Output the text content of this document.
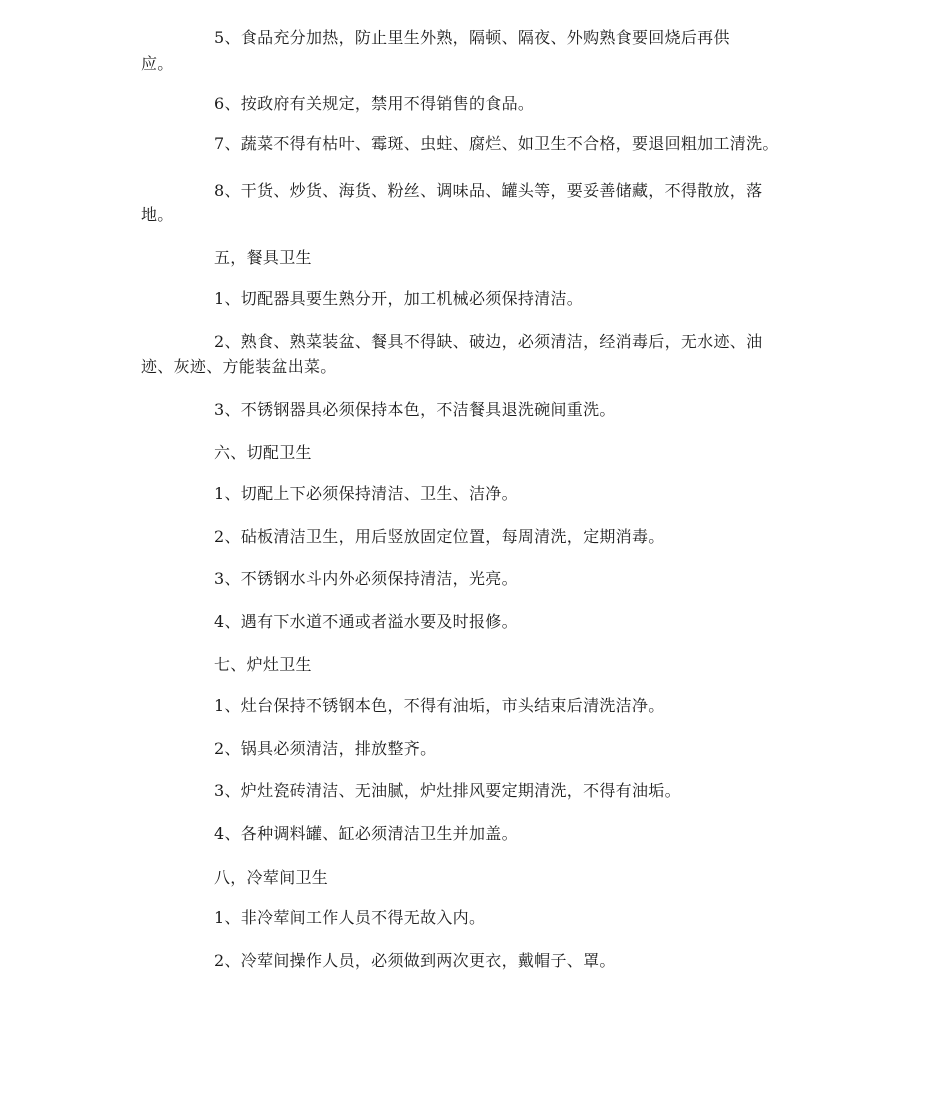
5、食品充分加热，防止里生外熟，隔顿、隔夜、外购熟食要回烧后再供
应。
6、按政府有关规定，禁用不得销售的食品。
7、蔬菜不得有枯叶、霉斑、虫蛀、腐烂、如卫生不合格，要退回粗加工清洗。
8、干货、炒货、海货、粉丝、调味品、罐头等，要妥善储藏，不得散放，落
地。
五，餐具卫生
1、切配器具要生熟分开，加工机械必须保持清洁。
2、熟食、熟菜装盆、餐具不得缺、破边，必须清洁，经消毒后，无水迹、油
迹、灰迹、方能装盆出菜。
3、不锈钢器具必须保持本色，不洁餐具退洗碗间重洗。
六、切配卫生
1、切配上下必须保持清洁、卫生、洁净。
2、砧板清洁卫生，用后竖放固定位置，每周清洗，定期消毒。
3、不锈钢水斗内外必须保持清洁，光亮。
4、遇有下水道不通或者溢水要及时报修。
七、炉灶卫生
1、灶台保持不锈钢本色，不得有油垢，市头结束后清洗洁净。
2、锅具必须清洁，排放整齐。
3、炉灶瓷砖清洁、无油腻，炉灶排风要定期清洗，不得有油垢。
4、各种调料罐、缸必须清洁卫生并加盖。
八，冷荤间卫生
1、非冷荤间工作人员不得无故入内。
2、冷荤间操作人员，必须做到两次更衣，戴帽子、罩。
